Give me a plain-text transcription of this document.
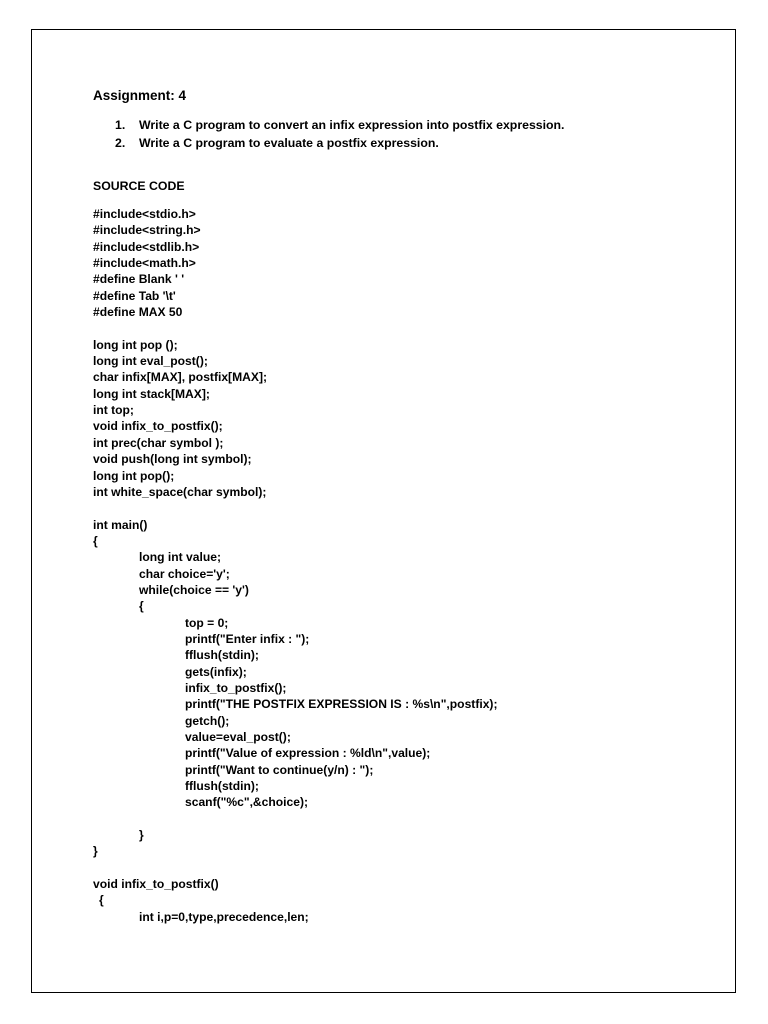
Assignment: 4
1. Write a C program to convert an infix expression into postfix expression.
2. Write a C program to evaluate a postfix expression.
SOURCE CODE
#include<stdio.h>
#include<string.h>
#include<stdlib.h>
#include<math.h>
#define Blank ' '
#define Tab '\t'
#define MAX 50
long int pop ();
long int eval_post();
char infix[MAX], postfix[MAX];
long int stack[MAX];
int top;
void infix_to_postfix();
int prec(char symbol );
void push(long int symbol);
long int pop();
int white_space(char symbol);
int main()
{
long int value;
char choice='y';
while(choice == 'y')
{
top = 0;
printf("Enter infix : ");
fflush(stdin);
gets(infix);
infix_to_postfix();
printf("THE POSTFIX EXPRESSION IS : %s\n",postfix);
getch();
value=eval_post();
printf("Value of expression : %ld\n",value);
printf("Want to continue(y/n) : ");
fflush(stdin);
scanf("%c",&choice);
}
}
void infix_to_postfix()
{
int i,p=0,type,precedence,len;
